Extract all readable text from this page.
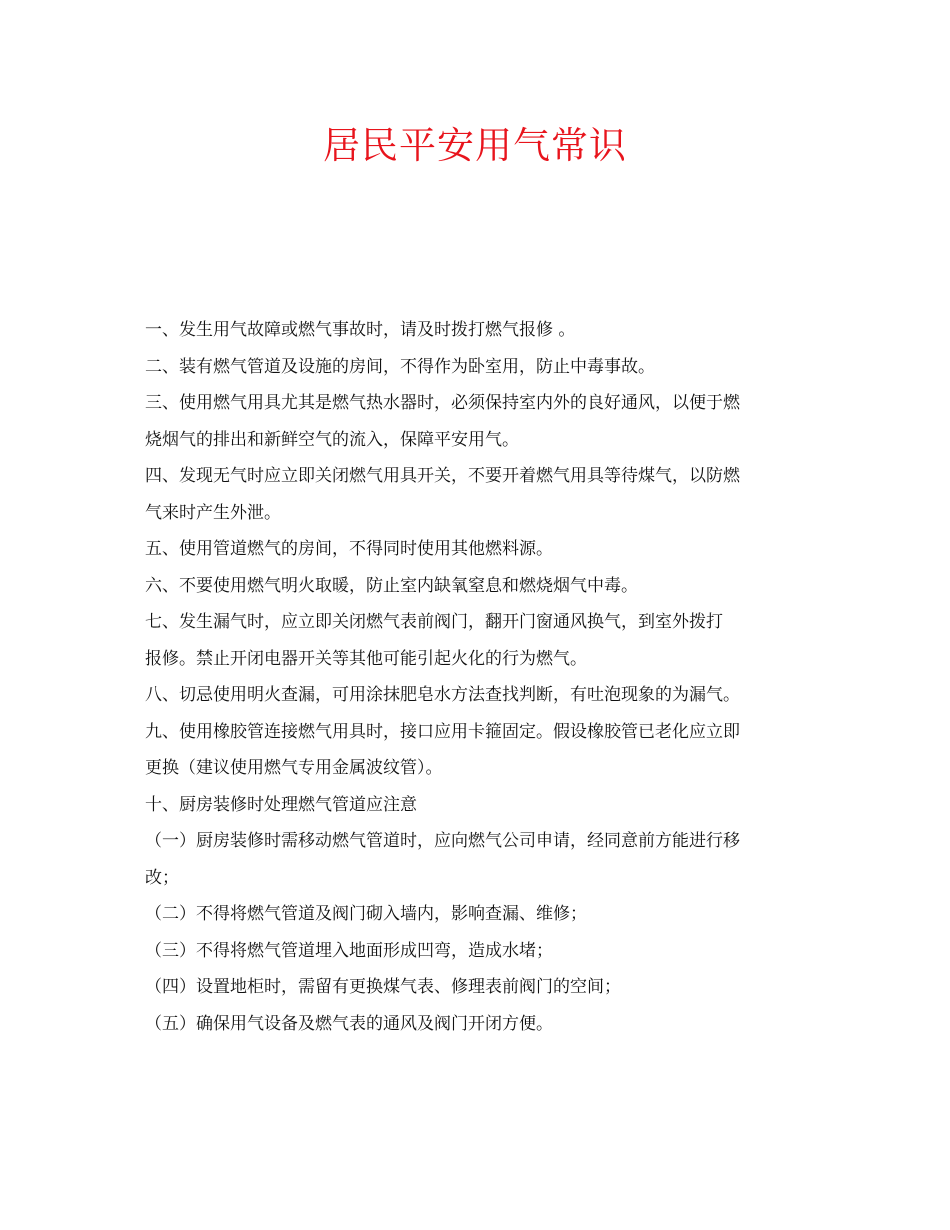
居民平安用气常识

一、发生用气故障或燃气事故时，请及时拨打燃气报修 。

二、装有燃气管道及设施的房间，不得作为卧室用，防止中毒事故。

三、使用燃气用具尤其是燃气热水器时，必须保持室内外的良好通风，以便于燃
烧烟气的排出和新鲜空气的流入，保障平安用气。

四、发现无气时应立即关闭燃气用具开关，不要开着燃气用具等待煤气，以防燃
气来时产生外泄。

五、使用管道燃气的房间，不得同时使用其他燃料源。

六、不要使用燃气明火取暖，防止室内缺氧窒息和燃烧烟气中毒。

七、发生漏气时，应立即关闭燃气表前阀门，翻开门窗通风换气，到室外拨打
报修。禁止开闭电器开关等其他可能引起火化的行为燃气。

八、切忌使用明火查漏，可用涂抹肥皂水方法查找判断，有吐泡现象的为漏气。

九、使用橡胶管连接燃气用具时，接口应用卡箍固定。假设橡胶管已老化应立即
更换（建议使用燃气专用金属波纹管）。

十、厨房装修时处理燃气管道应注意

（一）厨房装修时需移动燃气管道时，应向燃气公司申请，经同意前方能进行移
改；

（二）不得将燃气管道及阀门砌入墙内，影响查漏、维修；

（三）不得将燃气管道埋入地面形成凹弯，造成水堵；

（四）设置地柜时，需留有更换煤气表、修理表前阀门的空间；

（五）确保用气设备及燃气表的通风及阀门开闭方便。
